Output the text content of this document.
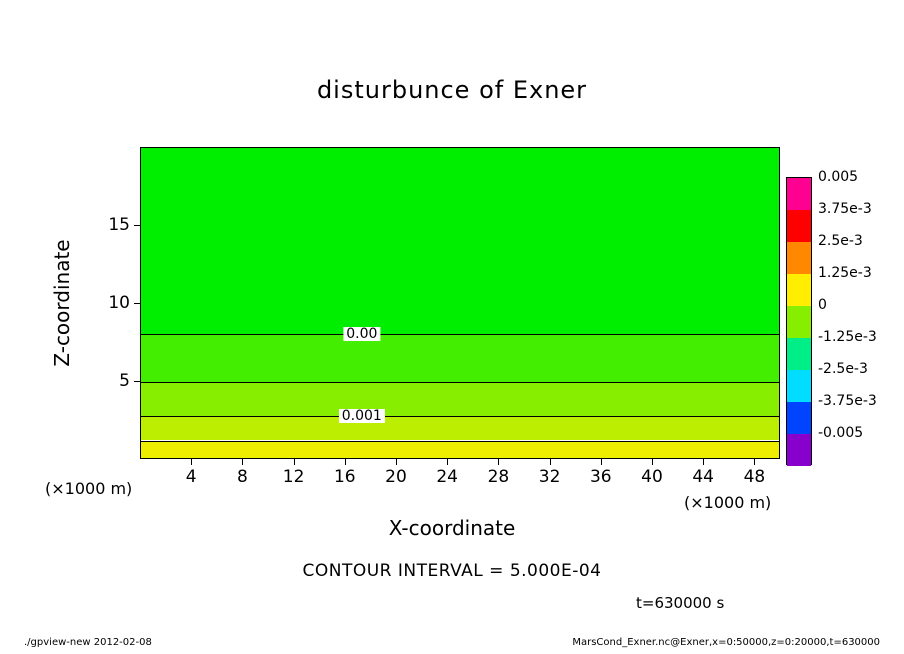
disturbunce of Exner
0.00
0.001
4 8 12 16 20 24 28 32 36 40 44 48
5
10
15
Z-coordinate
X-coordinate
(×1000 m)
(×1000 m)
0.005
3.75e-3
2.5e-3
1.25e-3
0
-1.25e-3
-2.5e-3
-3.75e-3
-0.005
CONTOUR INTERVAL = 5.000E-04
t=630000 s
./gpview-new 2012-02-08	MarsCond_Exner.nc@Exner,x=0:50000,z=0:20000,t=630000
